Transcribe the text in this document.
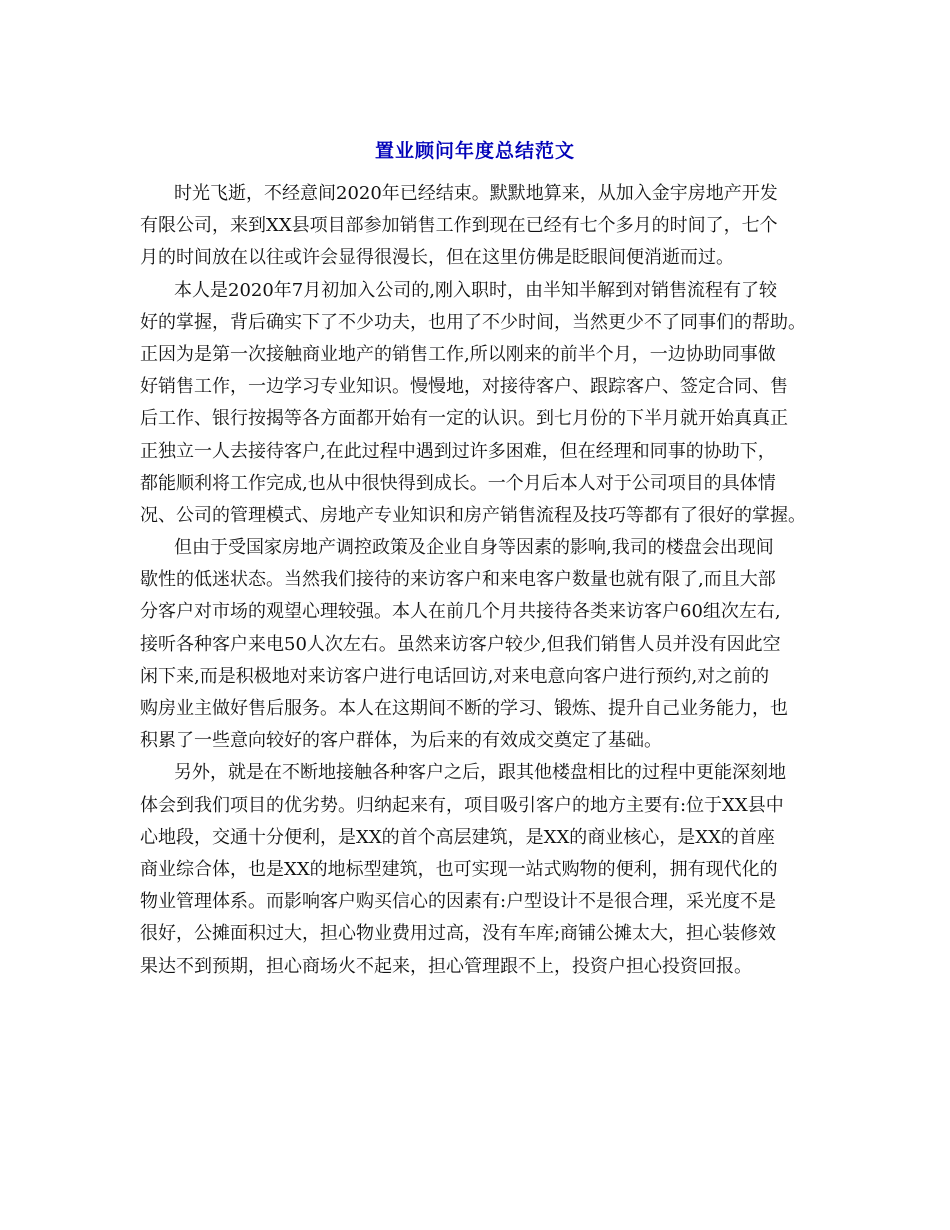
置业顾问年度总结范文
时光飞逝，不经意间2020年已经结束。默默地算来，从加入金宇房地产开发
有限公司，来到XX县项目部参加销售工作到现在已经有七个多月的时间了，七个
月的时间放在以往或许会显得很漫长，但在这里仿佛是眨眼间便消逝而过。
本人是2020年7月初加入公司的,刚入职时，由半知半解到对销售流程有了较
好的掌握，背后确实下了不少功夫，也用了不少时间，当然更少不了同事们的帮助。
正因为是第一次接触商业地产的销售工作,所以刚来的前半个月，一边协助同事做
好销售工作，一边学习专业知识。慢慢地，对接待客户、跟踪客户、签定合同、售
后工作、银行按揭等各方面都开始有一定的认识。到七月份的下半月就开始真真正
正独立一人去接待客户,在此过程中遇到过许多困难，但在经理和同事的协助下，
都能顺利将工作完成,也从中很快得到成长。一个月后本人对于公司项目的具体情
况、公司的管理模式、房地产专业知识和房产销售流程及技巧等都有了很好的掌握。
但由于受国家房地产调控政策及企业自身等因素的影响,我司的楼盘会出现间
歇性的低迷状态。当然我们接待的来访客户和来电客户数量也就有限了,而且大部
分客户对市场的观望心理较强。本人在前几个月共接待各类来访客户60组次左右,
接听各种客户来电50人次左右。虽然来访客户较少,但我们销售人员并没有因此空
闲下来,而是积极地对来访客户进行电话回访,对来电意向客户进行预约,对之前的
购房业主做好售后服务。本人在这期间不断的学习、锻炼、提升自己业务能力，也
积累了一些意向较好的客户群体，为后来的有效成交奠定了基础。
另外，就是在不断地接触各种客户之后，跟其他楼盘相比的过程中更能深刻地
体会到我们项目的优劣势。归纳起来有，项目吸引客户的地方主要有:位于XX县中
心地段，交通十分便利，是XX的首个高层建筑，是XX的商业核心，是XX的首座
商业综合体，也是XX的地标型建筑，也可实现一站式购物的便利，拥有现代化的
物业管理体系。而影响客户购买信心的因素有:户型设计不是很合理，采光度不是
很好，公摊面积过大，担心物业费用过高，没有车库;商铺公摊太大，担心装修效
果达不到预期，担心商场火不起来，担心管理跟不上，投资户担心投资回报。
